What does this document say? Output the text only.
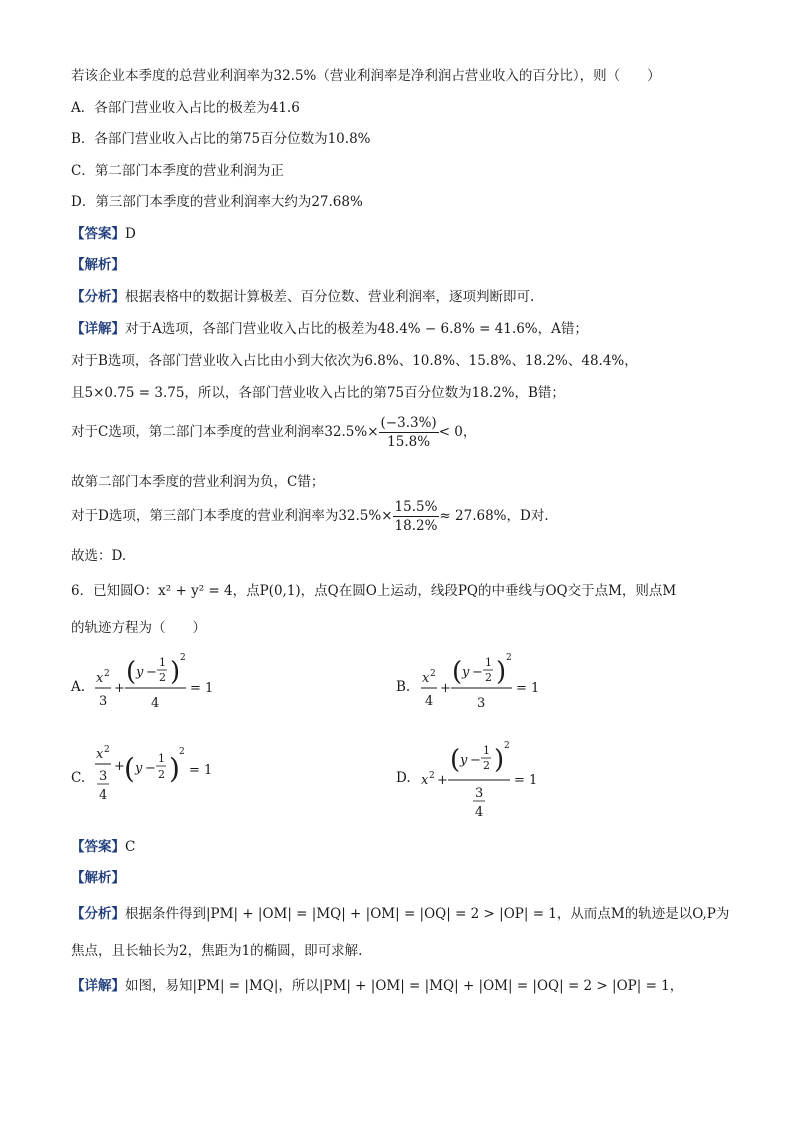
若该企业本季度的总营业利润率为32.5%（营业利润率是净利润占营业收入的百分比），则（　　）
A．各部门营业收入占比的极差为41.6
B．各部门营业收入占比的第75百分位数为10.8%
C．第二部门本季度的营业利润为正
D．第三部门本季度的营业利润率大约为27.68%
【答案】D
【解析】
【分析】根据表格中的数据计算极差、百分位数、营业利润率，逐项判断即可.
【详解】对于A选项，各部门营业收入占比的极差为48.4% − 6.8% = 41.6%，A错；
对于B选项，各部门营业收入占比由小到大依次为6.8%、10.8%、15.8%、18.2%、48.4%，
且5×0.75 = 3.75，所以，各部门营业收入占比的第75百分位数为18.2%，B错；
对于C选项，第二部门本季度的营业利润率$32.5\%\times \frac{(-3.3\%)}{15.8\%} < 0$，
故第二部门本季度的营业利润为负，C错；
对于D选项，第三部门本季度的营业利润率为$32.5\%\times \frac{15.5\%}{18.2\%} \approx 27.68\%$，D对.
故选：D.
6．已知圆O：x² + y² = 4，点P(0,1)，点Q在圆O上运动，线段PQ的中垂线与OQ交于点M，则点M
的轨迹方程为（　　）
A.
x 2
3
+
( y −
1
2 ) 2
4
= 1	B.
x 2
4
+
( y −
1
2 ) 2
3
= 1
C.
x 2
3
4
+ ( y −
1
2 ) 2
= 1	D. x 2 +
( y −
1
2 ) 2
3
4
= 1
【答案】C
【解析】
【分析】根据条件得到|PM| + |OM| = |MQ| + |OM| = |OQ| = 2 > |OP| = 1，从而点M的轨迹是以O,P为
焦点，且长轴长为2，焦距为1的椭圆，即可求解.
【详解】如图，易知|PM| = |MQ|，所以|PM| + |OM| = |MQ| + |OM| = |OQ| = 2 > |OP| = 1，
